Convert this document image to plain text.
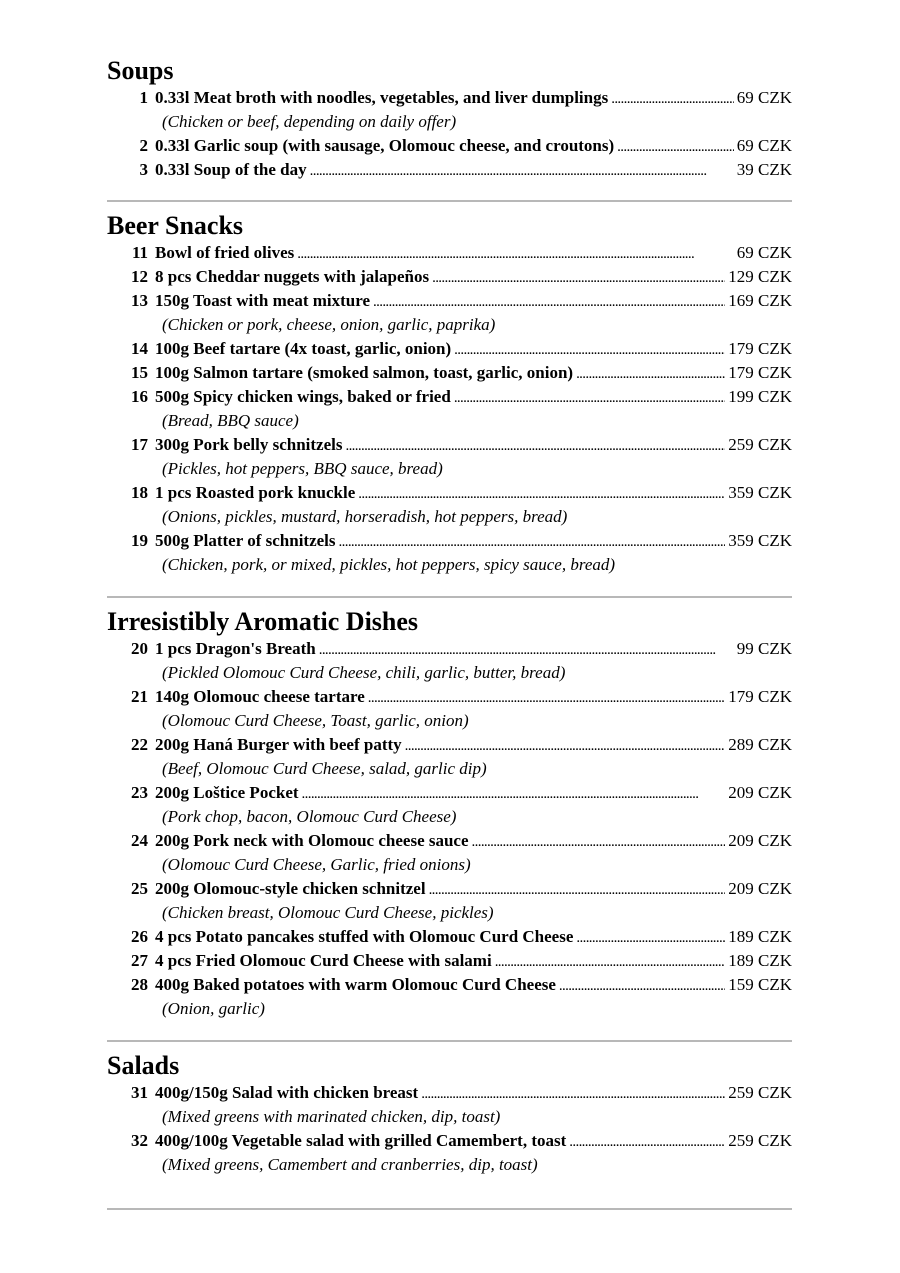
Soups
1 0.33l Meat broth with noodles, vegetables, and liver dumplings . . .	69 CZK
(Chicken or beef, depending on daily offer)
2 0.33l Garlic soup (with sausage, Olomouc cheese, and croutons) . . .	69 CZK
3 0.33l Soup of the day . . .	39 CZK
Beer Snacks
11 Bowl of fried olives . . .	69 CZK
12 8 pcs Cheddar nuggets with jalapeños . . .	129 CZK
13 150g Toast with meat mixture . . .	169 CZK
(Chicken or pork, cheese, onion, garlic, paprika)
14 100g Beef tartare (4x toast, garlic, onion) . . .	179 CZK
15 100g Salmon tartare (smoked salmon, toast, garlic, onion) . . .	179 CZK
16 500g Spicy chicken wings, baked or fried . . .	199 CZK
(Bread, BBQ sauce)
17 300g Pork belly schnitzels . . .	259 CZK
(Pickles, hot peppers, BBQ sauce, bread)
18 1 pcs Roasted pork knuckle . . .	359 CZK
(Onions, pickles, mustard, horseradish, hot peppers, bread)
19 500g Platter of schnitzels . . .	359 CZK
(Chicken, pork, or mixed, pickles, hot peppers, spicy sauce, bread)
Irresistibly Aromatic Dishes
20 1 pcs Dragon's Breath . . .	99 CZK
(Pickled Olomouc Curd Cheese, chili, garlic, butter, bread)
21 140g Olomouc cheese tartare . . .	179 CZK
(Olomouc Curd Cheese, Toast, garlic, onion)
22 200g Haná Burger with beef patty . . .	289 CZK
(Beef, Olomouc Curd Cheese, salad, garlic dip)
23 200g Loštice Pocket . . .	209 CZK
(Pork chop, bacon, Olomouc Curd Cheese)
24 200g Pork neck with Olomouc cheese sauce . . .	209 CZK
(Olomouc Curd Cheese, Garlic, fried onions)
25 200g Olomouc-style chicken schnitzel . . .	209 CZK
(Chicken breast, Olomouc Curd Cheese, pickles)
26 4 pcs Potato pancakes stuffed with Olomouc Curd Cheese . . .	189 CZK
27 4 pcs Fried Olomouc Curd Cheese with salami . . .	189 CZK
28 400g Baked potatoes with warm Olomouc Curd Cheese . . .	159 CZK
(Onion, garlic)
Salads
31 400g/150g Salad with chicken breast . . .	259 CZK
(Mixed greens with marinated chicken, dip, toast)
32 400g/100g Vegetable salad with grilled Camembert, toast . . .	259 CZK
(Mixed greens, Camembert and cranberries, dip, toast)
